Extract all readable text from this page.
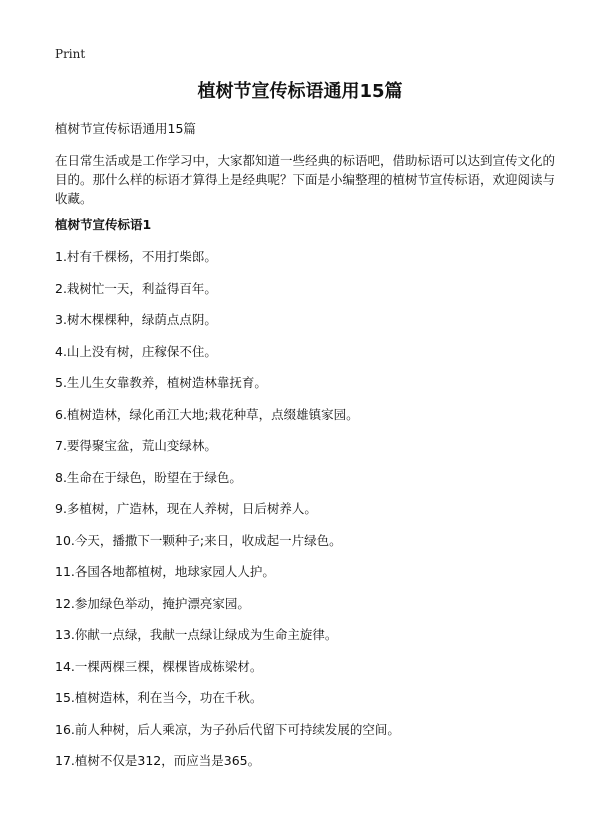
Print
植树节宣传标语通用15篇
植树节宣传标语通用15篇
在日常生活或是工作学习中，大家都知道一些经典的标语吧，借助标语可以达到宣传文化的目的。那什么样的标语才算得上是经典呢？下面是小编整理的植树节宣传标语，欢迎阅读与收藏。
植树节宣传标语1
1.村有千棵杨，不用打柴郎。
2.栽树忙一天，利益得百年。
3.树木棵棵种，绿荫点点阴。
4.山上没有树，庄稼保不住。
5.生儿生女靠教养，植树造林靠抚育。
6.植树造林，绿化甬江大地;栽花种草，点缀雄镇家园。
7.要得聚宝盆，荒山变绿林。
8.生命在于绿色，盼望在于绿色。
9.多植树，广造林，现在人养树，日后树养人。
10.今天，播撒下一颗种子;来日，收成起一片绿色。
11.各国各地都植树，地球家园人人护。
12.参加绿色举动，掩护漂亮家园。
13.你献一点绿，我献一点绿让绿成为生命主旋律。
14.一棵两棵三棵，棵棵皆成栋梁材。
15.植树造林，利在当今，功在千秋。
16.前人种树，后人乘凉，为子孙后代留下可持续发展的空间。
17.植树不仅是312，而应当是365。
